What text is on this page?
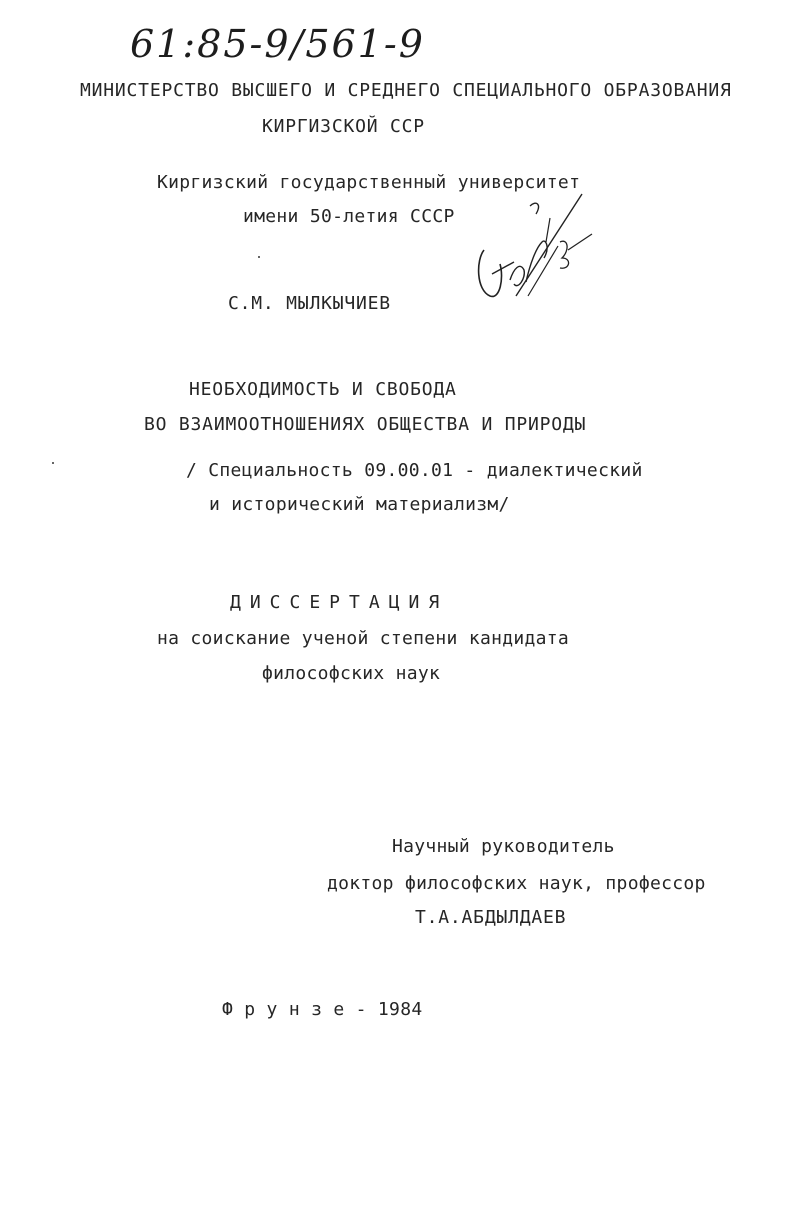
61:85-9/561-9
МИНИСТЕРСТВО ВЫСШЕГО И СРЕДНЕГО СПЕЦИАЛЬНОГО ОБРАЗОВАНИЯ
КИРГИЗСКОЙ ССР
Киргизский государственный университет
имени 50-летия СССР
С.М. МЫЛКЫЧИЕВ
НЕОБХОДИМОСТЬ И СВОБОДА
ВО ВЗАИМООТНОШЕНИЯХ ОБЩЕСТВА И ПРИРОДЫ
/ Специальность 09.00.01 - диалектический
и исторический материализм/
ДИССЕРТАЦИЯ
на соискание ученой степени кандидата
философских наук
Научный руководитель
доктор философских наук, профессор
Т.А.АБДЫЛДАЕВ
Ф р у н з е - 1984
